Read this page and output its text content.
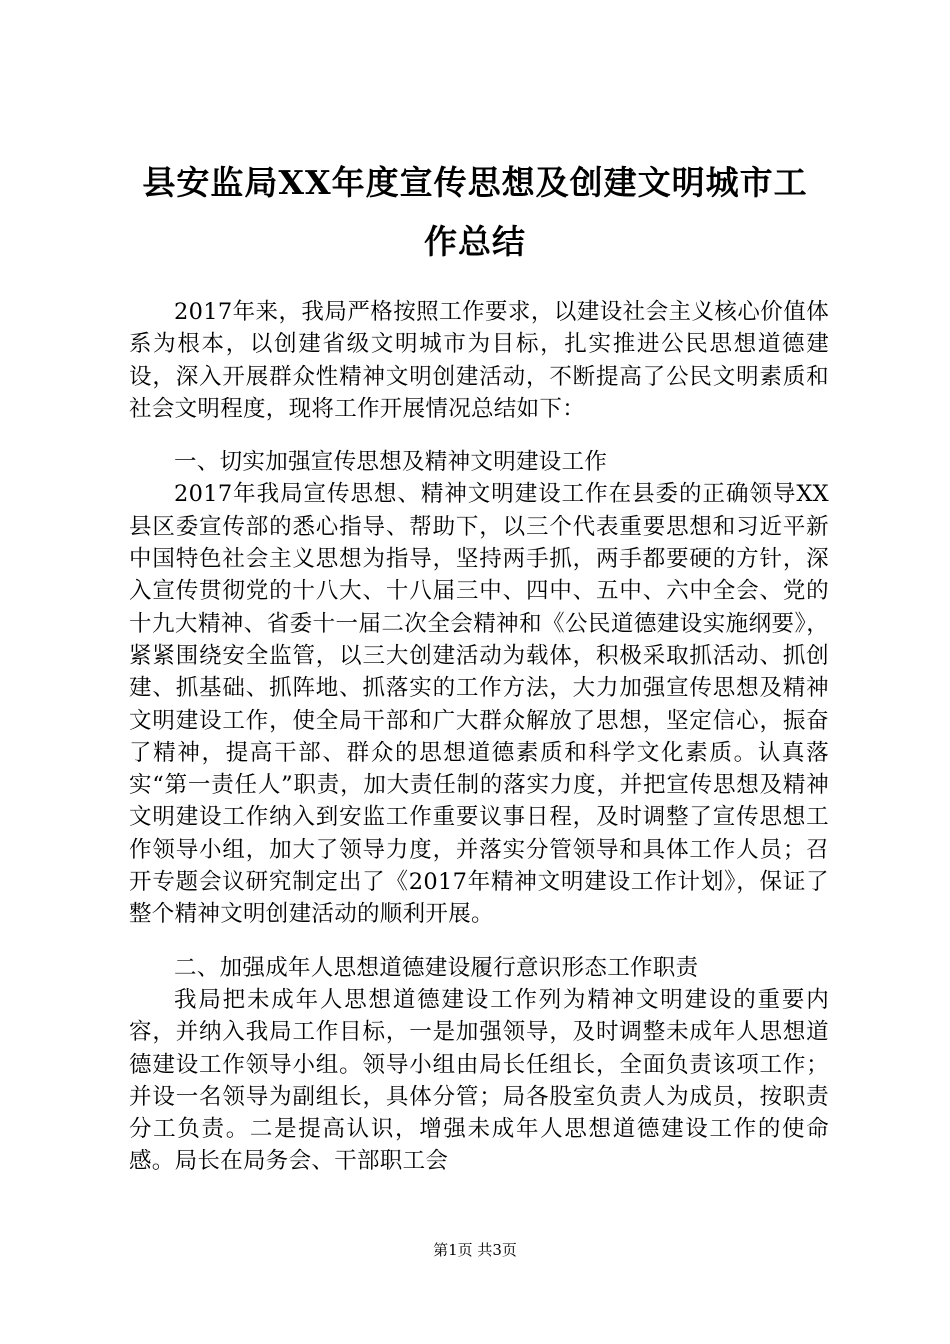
县安监局XX年度宣传思想及创建文明城市工
作总结

2017年来，我局严格按照工作要求，以建设社会主义核心价值体系为根本，以创建省级文明城市为目标，扎实推进公民思想道德建设，深入开展群众性精神文明创建活动，不断提高了公民文明素质和社会文明程度，现将工作开展情况总结如下：

一、切实加强宣传思想及精神文明建设工作

2017年我局宣传思想、精神文明建设工作在县委的正确领导XX县区委宣传部的悉心指导、帮助下，以三个代表重要思想和习近平新中国特色社会主义思想为指导，坚持两手抓，两手都要硬的方针，深入宣传贯彻党的十八大、十八届三中、四中、五中、六中全会、党的十九大精神、省委十一届二次全会精神和《公民道德建设实施纲要》，紧紧围绕安全监管，以三大创建活动为载体，积极采取抓活动、抓创建、抓基础、抓阵地、抓落实的工作方法，大力加强宣传思想及精神文明建设工作，使全局干部和广大群众解放了思想，坚定信心，振奋了精神，提高干部、群众的思想道德素质和科学文化素质。认真落实“第一责任人”职责，加大责任制的落实力度，并把宣传思想及精神文明建设工作纳入到安监工作重要议事日程，及时调整了宣传思想工作领导小组，加大了领导力度，并落实分管领导和具体工作人员；召开专题会议研究制定出了《2017年精神文明建设工作计划》，保证了整个精神文明创建活动的顺利开展。

二、加强成年人思想道德建设履行意识形态工作职责

我局把未成年人思想道德建设工作列为精神文明建设的重要内容，并纳入我局工作目标，一是加强领导，及时调整未成年人思想道德建设工作领导小组。领导小组由局长任组长，全面负责该项工作；并设一名领导为副组长，具体分管；局各股室负责人为成员，按职责分工负责。二是提高认识，增强未成年人思想道德建设工作的使命感。局长在局务会、干部职工会

第1页 共3页
